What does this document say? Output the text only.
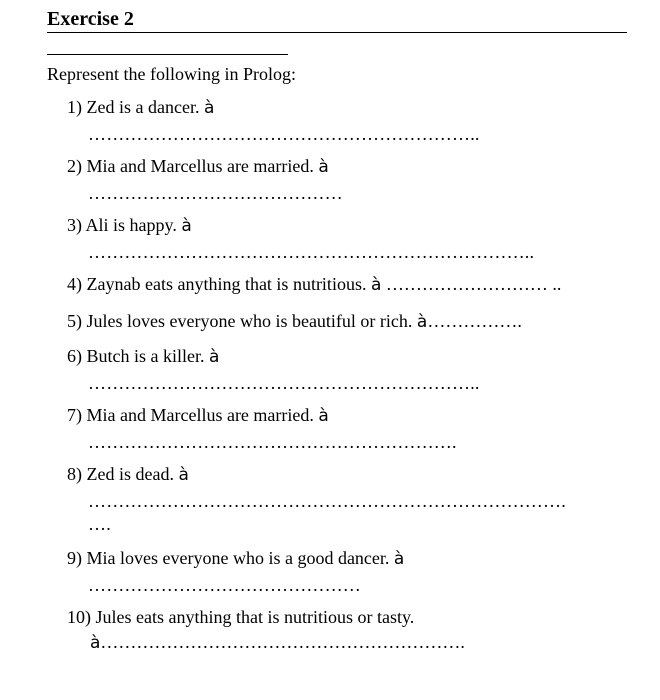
Exercise 2
Represent the following in Prolog:
1) Zed is a dancer. à
………………………………………………………..
2) Mia and Marcellus are married. à
……………………………………
3) Ali is happy. à
………………………………………………………………..
4) Zaynab eats anything that is nutritious. à ……………………… ..
5) Jules loves everyone who is beautiful or rich. à…………….
6) Butch is a killer. à
………………………………………………………..
7) Mia and Marcellus are married. à
…………………………………………………….
8) Zed is dead. à
…………………………………………………………………….
….
9) Mia loves everyone who is a good dancer. à
………………………………………
10) Jules eats anything that is nutritious or tasty.
à…………………………………………………….
